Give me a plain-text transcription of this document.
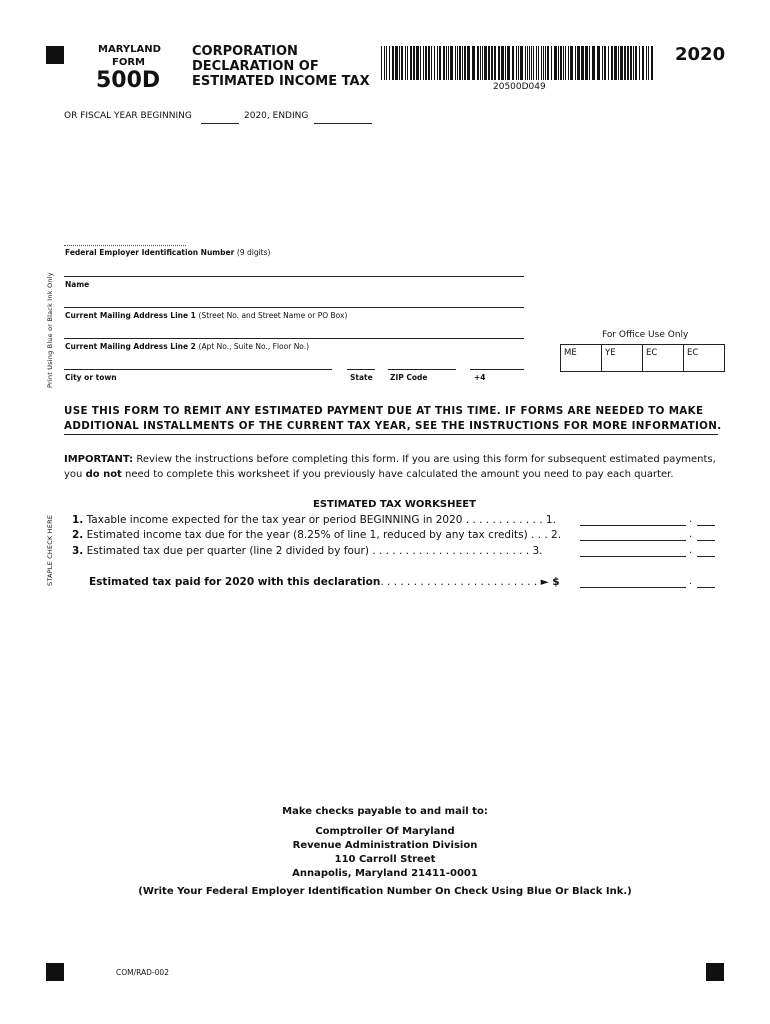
MARYLAND
FORM
500D
CORPORATION
DECLARATION OF
ESTIMATED INCOME TAX	20500D049
2020
OR FISCAL YEAR BEGINNING	2020, ENDING
Print Using Blue or Black Ink Only
STAPLE CHECK HERE
Federal Employer Identification Number (9 digits)
Name
Current Mailing Address Line 1 (Street No. and Street Name or PO Box)
Current Mailing Address Line 2 (Apt No., Suite No., Floor No.)
City or town	State ZIP Code	+4
For Office Use Only
ME	YE	EC	EC
USE THIS FORM TO REMIT ANY ESTIMATED PAYMENT DUE AT THIS TIME. IF FORMS ARE NEEDED TO MAKE
ADDITIONAL INSTALLMENTS OF THE CURRENT TAX YEAR, SEE THE INSTRUCTIONS FOR MORE INFORMATION.
IMPORTANT: Review the instructions before completing this form. If you are using this form for subsequent estimated payments,
you do not need to complete this worksheet if you previously have calculated the amount you need to pay each quarter.
ESTIMATED TAX WORKSHEET
1. Taxable income expected for the tax year or period BEGINNING in 2020 . . . . . . . . . . . . 1.	.
2. Estimated income tax due for the year (8.25% of line 1, reduced by any tax credits) . . . 2.	.
3. Estimated tax due per quarter (line 2 divided by four) . . . . . . . . . . . . . . . . . . . . . . . . 3.	.
Estimated tax paid for 2020 with this declaration. . . . . . . . . . . . . . . . . . . . . . . . ► $	.
Make checks payable to and mail to:
Comptroller Of Maryland
Revenue Administration Division
110 Carroll Street
Annapolis, Maryland 21411-0001
(Write Your Federal Employer Identification Number On Check Using Blue Or Black Ink.)
COM/RAD-002
